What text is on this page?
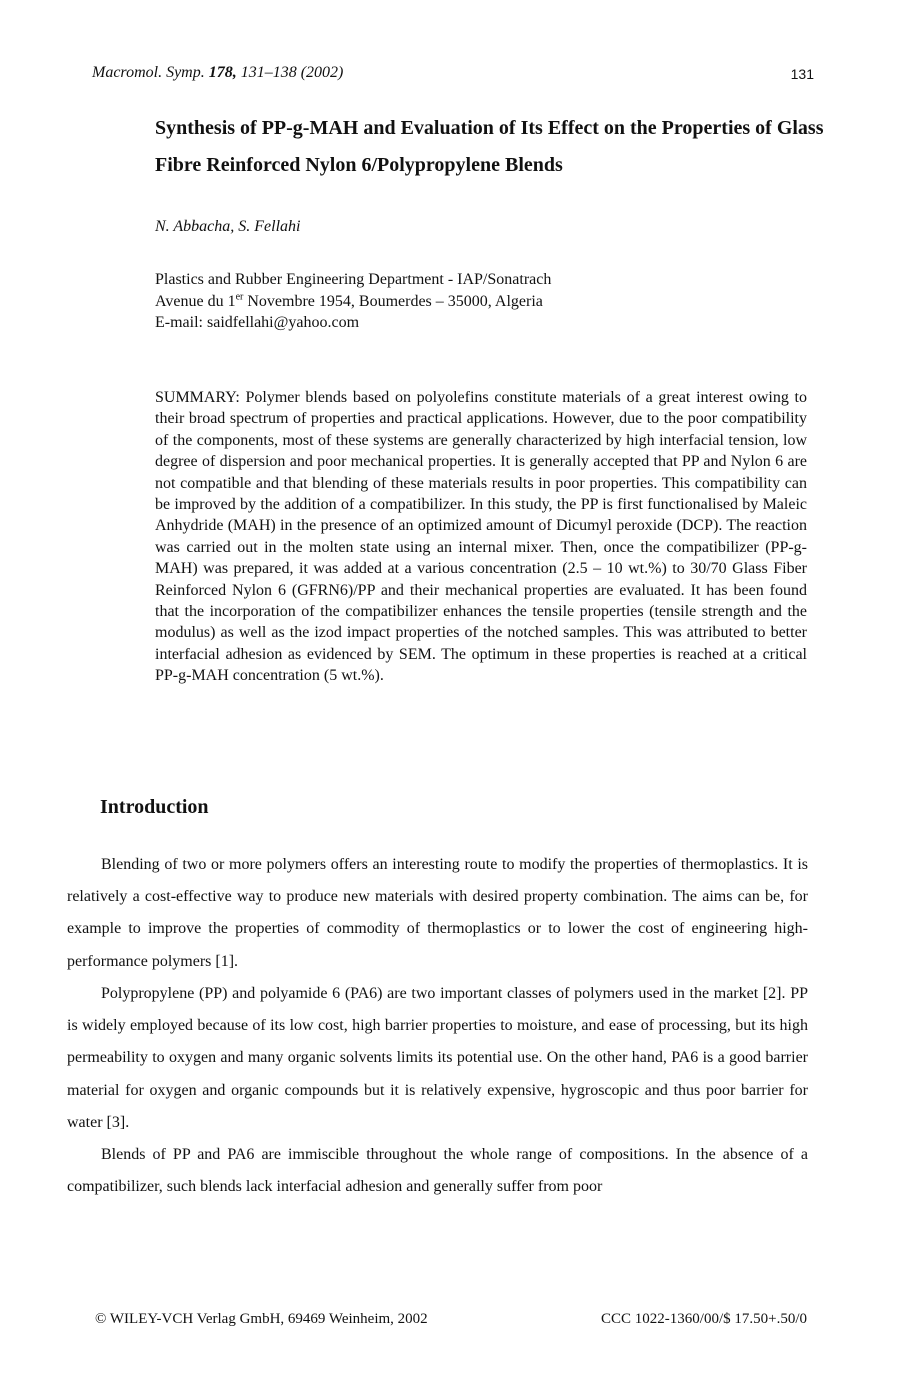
Macromol. Symp. 178, 131–138 (2002)	131
Synthesis of PP-g-MAH and Evaluation of Its Effect on the Properties of Glass Fibre Reinforced Nylon 6/Polypropylene Blends
N. Abbacha, S. Fellahi
Plastics and Rubber Engineering Department - IAP/Sonatrach
Avenue du 1er Novembre 1954, Boumerdes – 35000, Algeria
E-mail: saidfellahi@yahoo.com
SUMMARY: Polymer blends based on polyolefins constitute materials of a great interest owing to their broad spectrum of properties and practical applications. However, due to the poor compatibility of the components, most of these systems are generally characterized by high interfacial tension, low degree of dispersion and poor mechanical properties. It is generally accepted that PP and Nylon 6 are not compatible and that blending of these materials results in poor properties. This compatibility can be improved by the addition of a compatibilizer. In this study, the PP is first functionalised by Maleic Anhydride (MAH) in the presence of an optimized amount of Dicumyl peroxide (DCP). The reaction was carried out in the molten state using an internal mixer. Then, once the compatibilizer (PP-g-MAH) was prepared, it was added at a various concentration (2.5 – 10 wt.%) to 30/70 Glass Fiber Reinforced Nylon 6 (GFRN6)/PP and their mechanical properties are evaluated. It has been found that the incorporation of the compatibilizer enhances the tensile properties (tensile strength and the modulus) as well as the izod impact properties of the notched samples. This was attributed to better interfacial adhesion as evidenced by SEM. The optimum in these properties is reached at a critical PP-g-MAH concentration (5 wt.%).
Introduction
Blending of two or more polymers offers an interesting route to modify the properties of thermoplastics. It is relatively a cost-effective way to produce new materials with desired property combination. The aims can be, for example to improve the properties of commodity of thermoplastics or to lower the cost of engineering high-performance polymers [1].
Polypropylene (PP) and polyamide 6 (PA6) are two important classes of polymers used in the market [2]. PP is widely employed because of its low cost, high barrier properties to moisture, and ease of processing, but its high permeability to oxygen and many organic solvents limits its potential use. On the other hand, PA6 is a good barrier material for oxygen and organic compounds but it is relatively expensive, hygroscopic and thus poor barrier for water [3].
Blends of PP and PA6 are immiscible throughout the whole range of compositions. In the absence of a compatibilizer, such blends lack interfacial adhesion and generally suffer from poor
© WILEY-VCH Verlag GmbH, 69469 Weinheim, 2002	CCC 1022-1360/00/$ 17.50+.50/0
